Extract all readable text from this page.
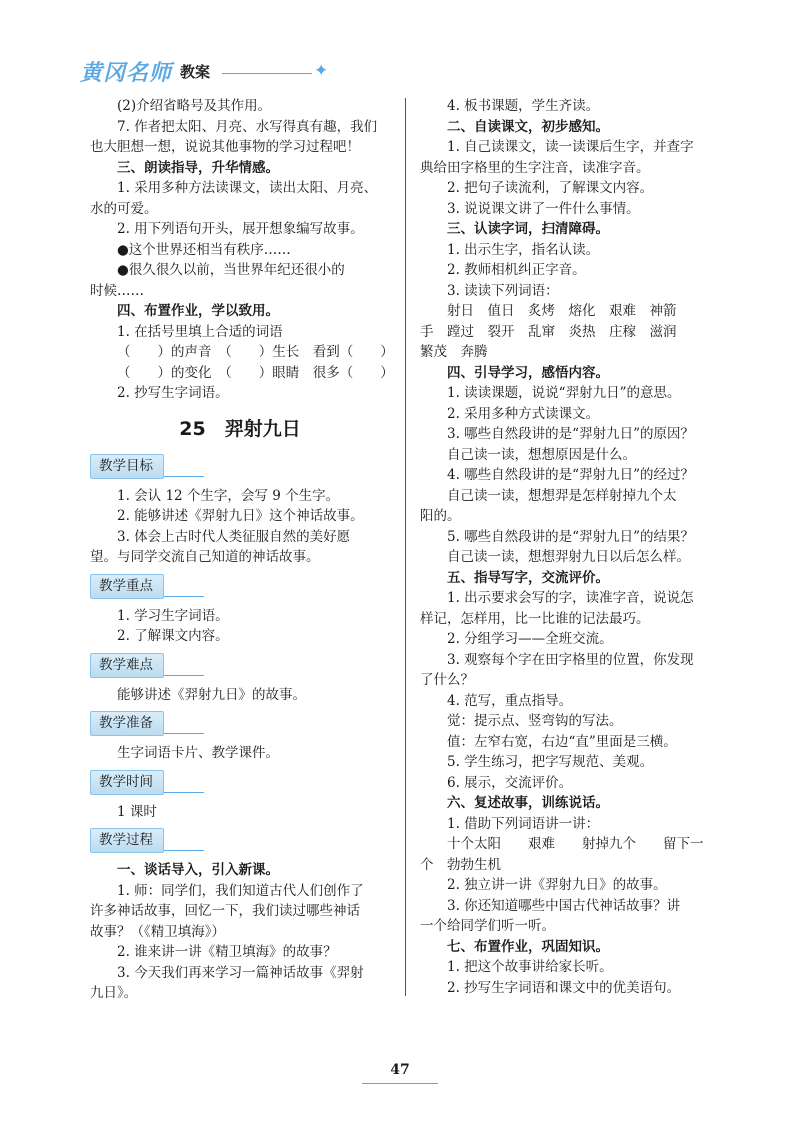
黄冈名师 教案	✦
(2)介绍省略号及其作用。
7. 作者把太阳、月亮、水写得真有趣，我们
也大胆想一想，说说其他事物的学习过程吧！
三、朗读指导，升华情感。
1. 采用多种方法读课文，读出太阳、月亮、
水的可爱。
2. 用下列语句开头，展开想象编写故事。
●这个世界还相当有秩序……
●很久很久以前，当世界年纪还很小的
时候……
四、布置作业，学以致用。
1. 在括号里填上合适的词语
（　　）的声音　（　　）生长　看到（　　）
（　　）的变化　（　　）眼睛　很多（　　）
2. 抄写生字词语。
25　羿射九日
教学目标
1. 会认 12 个生字，会写 9 个生字。
2. 能够讲述《羿射九日》这个神话故事。
3. 体会上古时代人类征服自然的美好愿
望。与同学交流自己知道的神话故事。
教学重点
1. 学习生字词语。
2. 了解课文内容。
教学难点
能够讲述《羿射九日》的故事。
教学准备
生字词语卡片、教学课件。
教学时间
1 课时
教学过程
一、谈话导入，引入新课。
1. 师：同学们，我们知道古代人们创作了
许多神话故事，回忆一下，我们读过哪些神话
故事？（《精卫填海》）
2. 谁来讲一讲《精卫填海》的故事？
3. 今天我们再来学习一篇神话故事《羿射
九日》。
4. 板书课题，学生齐读。
二、自读课文，初步感知。
1. 自己读课文，读一读课后生字，并查字
典给田字格里的生字注音，读准字音。
2. 把句子读流利，了解课文内容。
3. 说说课文讲了一件什么事情。
三、认读字词，扫清障碍。
1. 出示生字，指名认读。
2. 教师相机纠正字音。
3. 读读下列词语：
射日　值日　炙烤　熔化　艰难　神箭
手　蹚过　裂开　乱窜　炎热　庄稼　滋润
繁茂　奔腾
四、引导学习，感悟内容。
1. 读读课题，说说“羿射九日”的意思。
2. 采用多种方式读课文。
3. 哪些自然段讲的是“羿射九日”的原因？
自己读一读，想想原因是什么。
4. 哪些自然段讲的是“羿射九日”的经过？
自己读一读，想想羿是怎样射掉九个太
阳的。
5. 哪些自然段讲的是“羿射九日”的结果？
自己读一读，想想羿射九日以后怎么样。
五、指导写字，交流评价。
1. 出示要求会写的字，读准字音，说说怎
样记，怎样用，比一比谁的记法最巧。
2. 分组学习——全班交流。
3. 观察每个字在田字格里的位置，你发现
了什么？
4. 范写，重点指导。
觉：提示点、竖弯钩的写法。
值：左窄右宽，右边“直”里面是三横。
5. 学生练习，把字写规范、美观。
6. 展示，交流评价。
六、复述故事，训练说话。
1. 借助下列词语讲一讲：
十个太阳　　艰难　　射掉九个　　留下一
个　勃勃生机
2. 独立讲一讲《羿射九日》的故事。
3. 你还知道哪些中国古代神话故事？讲
一个给同学们听一听。
七、布置作业，巩固知识。
1. 把这个故事讲给家长听。
2. 抄写生字词语和课文中的优美语句。
47
